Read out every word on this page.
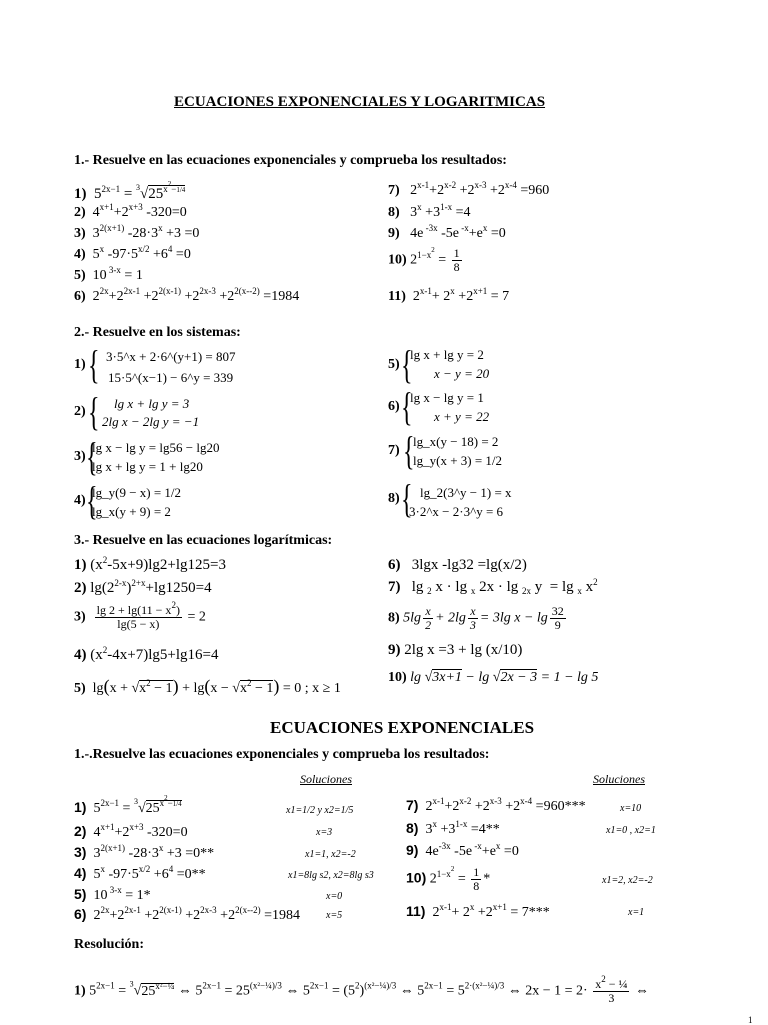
ECUACIONES EXPONENCIALES Y LOGARITMICAS
1.- Resuelve en las ecuaciones exponenciales y comprueba los resultados:
1)  $5^{2x-1} = ^3√25^{x^2-1/4}$
2)  $4^{x+1}+2^{x+3}$ -320=0
3)  $3^{2(x+1)}$ $-28\cdot 3^x +3 =0$
4)  5$^x$ $-97\cdot 5^{x/2} +6^4 =0$
5)  10 $^{3-x}$ = 1
6)  $2^{2x}+2^{2x-1} +2^{2(x-1)} +2^{2x-3} +2^{2(x--2)} =1984$
7)   $2^{x-1}+2^{x-2} +2^{x-3} +2^{x-4} =960$
8)   $3^x +3^{1-x} =4$
9)   4e $^{-3x}$ -5e $^{-x}+e^x =0$
10) $2^{1-x^2} = \frac{1}{8}$
11)  $2^{x-1}+ 2^x +2^{x+1} = 7$
2.- Resuelve en los sistemas:
1) { 3·5^x + 2·6^(y+1) = 807
15·5^(x−1) − 6^y = 339
2) { lg x + lg y = 3
2lg x − 2lg y = −1
3) {
lg x − lg y = lg56 − lg20
lg x + lg y = 1 + lg20
4) {
lg_y(9 − x) = 1/2
lg_x(y + 9) = 2
5) {
lg x + lg y = 2
x − y = 20
6) {
lg x − lg y = 1
x + y = 22
7) {
lg_x(y − 18) = 2
lg_y(x + 3) = 1/2
8) { lg_2(3^y − 1) = x
3·2^x − 2·3^y = 6
3.- Resuelve en las ecuaciones logarítmicas:
1) $(x^2-5x+9)\lg 2+\lg 125=3$
2) $\lg(2^{2-x})^{2+x}+\lg 1250=4$
$3) \frac{\lg 2 + \lg(11 - x^2)}{\lg(5 - x)} = 2$
4) $(x^2-4x+7)\lg 5+\lg 16=4$
5)  $\lg(x + √x^2 - 1) + \lg(x - √x^2 - 1) = 0$ ; x ≥ 1
6)   3lgx -lg32 =lg(x/2)
7)   lg $_2$ x · lg $_x$ 2x · lg $_{2x}$ y  = lg $_x$ $x^2$
8) $5\lg \frac{x}{2} + 2\lg \frac{x}{3} = 3\lg$ $x - \lg \frac{32}{9}$
9) 2lg x =3 + lg (x/10)
10) lg √3x+1 − lg √2x − 3 = 1 − lg 5
ECUACIONES EXPONENCIALES
1.-.Resuelve las ecuaciones exponenciales y comprueba los resultados:
Soluciones	Soluciones
1)  $5^{2x-1} = ^3√25^{x^2-1/4}$
x1=1/2 y x2=1/5
2)  $4^{x+1}+2^{x+3}$ -320=0	x=3
3)  $3^{2(x+1)}$ $-28\cdot 3^x +3 =0**$	x1=1, x2=-2
4)  5$^x$ $-97\cdot 5^{x/2} +6^4 =0**$	x1=8lg s2, x2=8lg s3
5)  10 $^{3-x}$ = 1*	x=0
6)  $2^{2x}+2^{2x-1} +2^{2(x-1)} +2^{2x-3} +2^{2(x--2)} =1984$	x=5
7)  $2^{x-1}+2^{x-2} +2^{x-3} +2^{x-4} =960***$	x=10
8)  $3^x +3^{1-x} =4**$	x1=0 , x2=1
9)  $4e^{-3x}$ -5e $^{-x}+e^x =0$
10) $2^{1-x^2} = \frac{1}{8}$ *	x1=2, x2=-2
11)  $2^{x-1}+ 2^x +2^{x+1} = 7***$	x=1
Resolución:
1) $5^{2x-1} = ^3√25^{x^2-\frac{1}{4}}$ ⇔ $5^{2x-1} = 25^{(x^2-\frac{1}{4})/3}$ ⇔ $5^{2x-1} = (5^2)^{(x^2-\frac{1}{4})/3}$ ⇔ $5^{2x-1} = 5^{2\cdot(x^2-\frac{1}{4})/3}$ ⇔ $2x - 1 = 2\cdot \frac{x^2 - \frac{1}{4}}{3}$ ⇔
1
